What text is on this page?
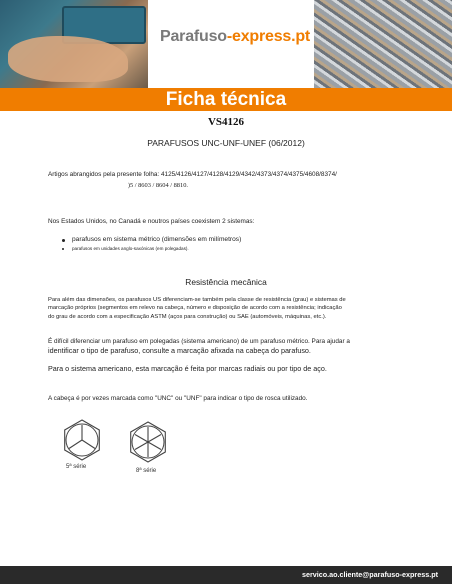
Parafuso-express.pt
Ficha técnica
VS4126
PARAFUSOS UNC-UNF-UNEF (06/2012)
Artigos abrangidos pela presente folha: 4125/4126/4127/4128/4129/4342/4373/4374/4375/4608/8374/
)5 / 8603 / 8604 / 8810.
Nos Estados Unidos, no Canadá e noutros países coexistem 2 sistemas:
parafusos em sistema métrico (dimensões em milímetros)
parafusos em unidades anglo-saxónicas (em polegadas).
Resistência mecânica
Para além das dimensões, os parafusos US diferenciam-se também pela classe de resistência (grau) e sistemas de
marcação próprios (segmentos em relevo na cabeça, número e disposição de acordo com a resistência; indicação
do grau de acordo com a especificação ASTM (aços para construção) ou SAE (automóveis, máquinas, etc.).
É difícil diferenciar um parafuso em polegadas (sistema americano) de um parafuso métrico. Para ajudar a
identificar o tipo de parafuso, consulte a marcação afixada na cabeça do parafuso.
Para o sistema americano, esta marcação é feita por marcas radiais ou por tipo de aço.
A cabeça é por vezes marcada como "UNC" ou "UNF" para indicar o tipo de rosca utilizado.
5ª série
8ª série
servico.ao.cliente@parafuso-express.pt
